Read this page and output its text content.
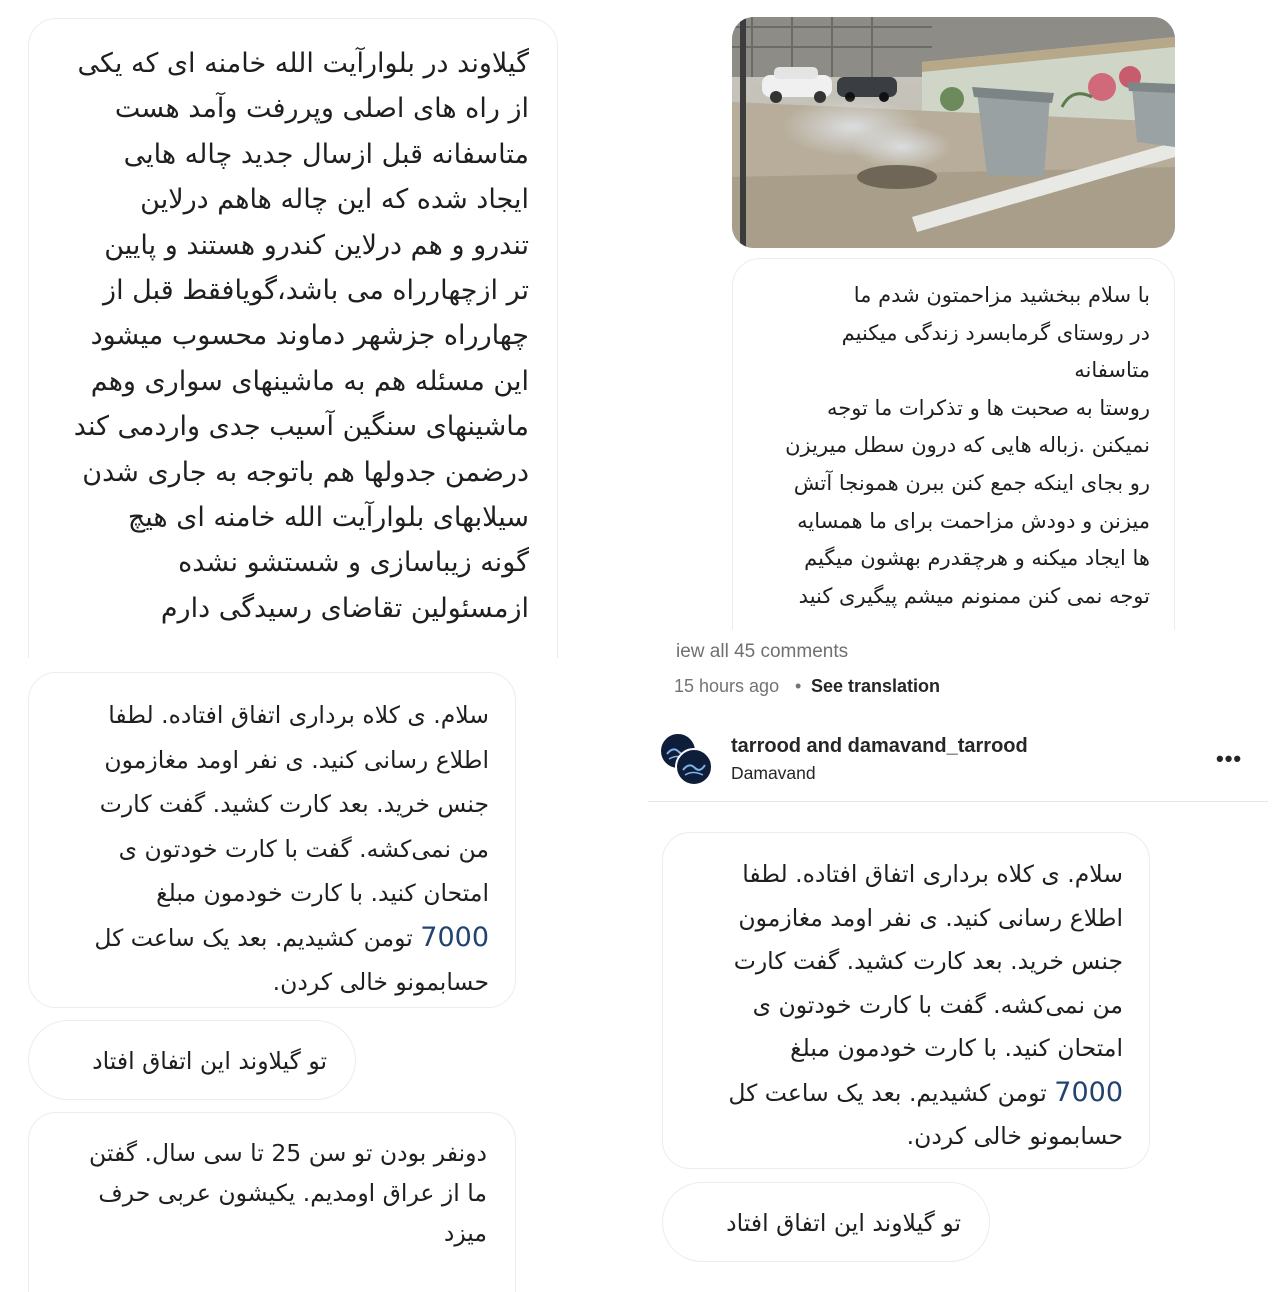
گیلاوند در بلوارآیت الله خامنه ای که یکی
از راه های اصلی وپررفت وآمد هست
متاسفانه قبل ازسال جدید چاله هایی
ایجاد شده که این چاله هاهم درلاین
تندرو و هم درلاین کندرو هستند و پایین
تر ازچهارراه می باشد،گویافقط قبل از
چهارراه جزشهر دماوند محسوب میشود
این مسئله هم به ماشینهای سواری وهم
ماشینهای سنگین آسیب جدی واردمی کند
درضمن جدولها هم باتوجه به جاری شدن
سیلابهای بلوارآیت الله خامنه ای هیچ
گونه زیباسازی و شستشو نشده
ازمسئولین تقاضای رسیدگی دارم

با سلام ببخشید مزاحمتون شدم ما
در روستای گرمابسرد زندگی میکنیم
متاسفانه
روستا به صحبت ها و تذکرات ما توجه
نمیکنن .زباله هایی که درون سطل میریزن
رو بجای اینکه جمع کنن ببرن همونجا آتش
میزنن و دودش مزاحمت برای ما همسایه
ها ایجاد میکنه و هرچقدرم بهشون میگیم
توجه نمی کنن ممنونم میشم پیگیری کنید

iew all 45 comments
15 hours ago • See translation
tarrood and damavand_tarrood
Damavand
•••

سلام. ی کلاه برداری اتفاق افتاده. لطفا
اطلاع رسانی کنید. ی نفر اومد مغازمون
جنس خرید. بعد کارت کشید. گفت کارت
من نمی‌کشه. گفت با کارت خودتون ی
امتحان کنید. با کارت خودمون مبلغ
7000 تومن کشیدیم. بعد یک ساعت کل
حسابمونو خالی کردن.

تو گیلاوند این اتفاق افتاد

دونفر بودن تو سن 25 تا سی سال. گفتن
ما از عراق اومدیم. یکیشون عربی حرف
میزد

سلام. ی کلاه برداری اتفاق افتاده. لطفا
اطلاع رسانی کنید. ی نفر اومد مغازمون
جنس خرید. بعد کارت کشید. گفت کارت
من نمی‌کشه. گفت با کارت خودتون ی
امتحان کنید. با کارت خودمون مبلغ
7000 تومن کشیدیم. بعد یک ساعت کل
حسابمونو خالی کردن.

تو گیلاوند این اتفاق افتاد
